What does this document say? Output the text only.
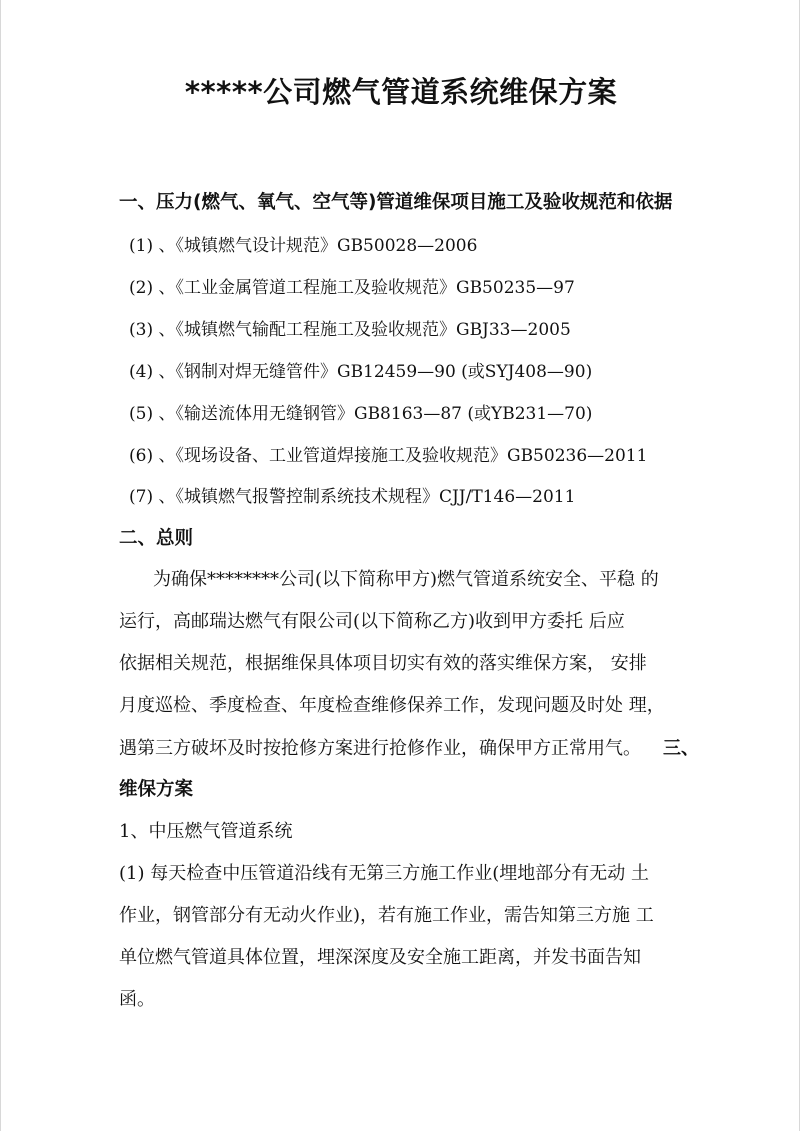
*****公司燃气管道系统维保方案
一、压力(燃气、氧气、空气等)管道维保项目施工及验收规范和依据
(1) 、《城镇燃气设计规范》GB50028—2006
(2) 、《工业金属管道工程施工及验收规范》GB50235—97
(3) 、《城镇燃气输配工程施工及验收规范》GBJ33—2005
(4) 、《钢制对焊无缝管件》GB12459—90 (或SYJ408—90)
(5) 、《输送流体用无缝钢管》GB8163—87 (或YB231—70)
(6) 、《现场设备、工业管道焊接施工及验收规范》GB50236—2011
(7) 、《城镇燃气报警控制系统技术规程》CJJ/T146—2011
二、总则
为确保********公司(以下简称甲方)燃气管道系统安全、平稳 的
运行，高邮瑞达燃气有限公司(以下简称乙方)收到甲方委托 后应
依据相关规范，根据维保具体项目切实有效的落实维保方案， 安排
月度巡检、季度检查、年度检查维修保养工作，发现问题及时处 理，
遇第三方破坏及时按抢修方案进行抢修作业，确保甲方正常用气。 三、
维保方案
1、中压燃气管道系统
(1) 每天检查中压管道沿线有无第三方施工作业(埋地部分有无动 土
作业，钢管部分有无动火作业)，若有施工作业，需告知第三方施 工
单位燃气管道具体位置，埋深深度及安全施工距离，并发书面告知
函。
